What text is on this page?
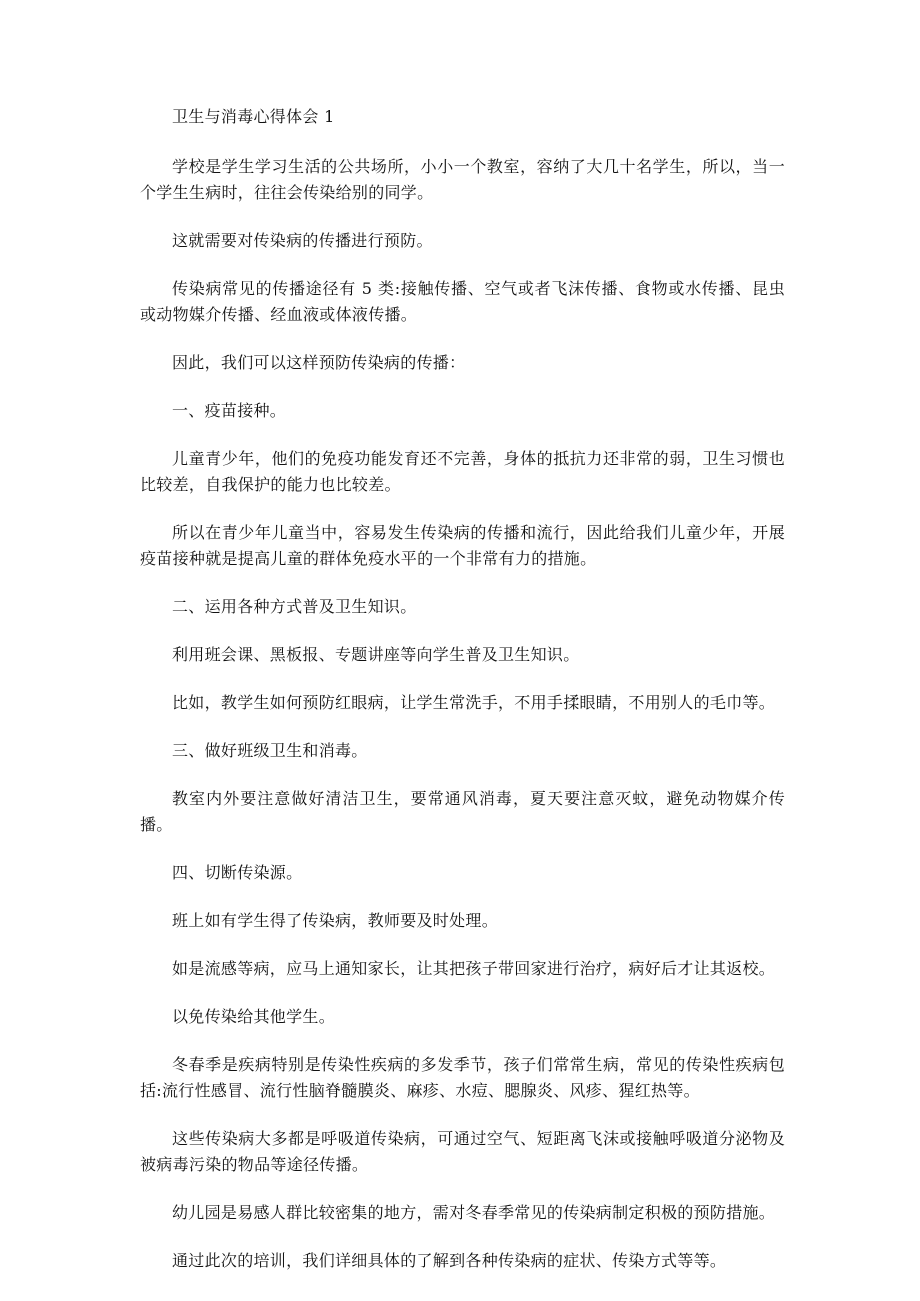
卫生与消毒心得体会 1

学校是学生学习生活的公共场所，小小一个教室，容纳了大几十名学生，所以，当一个学生生病时，往往会传染给别的同学。

这就需要对传染病的传播进行预防。

传染病常见的传播途径有 5 类:接触传播、空气或者飞沫传播、食物或水传播、昆虫或动物媒介传播、经血液或体液传播。

因此，我们可以这样预防传染病的传播：

一、疫苗接种。

儿童青少年，他们的免疫功能发育还不完善，身体的抵抗力还非常的弱，卫生习惯也比较差，自我保护的能力也比较差。

所以在青少年儿童当中，容易发生传染病的传播和流行，因此给我们儿童少年，开展疫苗接种就是提高儿童的群体免疫水平的一个非常有力的措施。

二、运用各种方式普及卫生知识。

利用班会课、黑板报、专题讲座等向学生普及卫生知识。

比如，教学生如何预防红眼病，让学生常洗手，不用手揉眼睛，不用别人的毛巾等。

三、做好班级卫生和消毒。

教室内外要注意做好清洁卫生，要常通风消毒，夏天要注意灭蚊，避免动物媒介传播。

四、切断传染源。

班上如有学生得了传染病，教师要及时处理。

如是流感等病，应马上通知家长，让其把孩子带回家进行治疗，病好后才让其返校。

以免传染给其他学生。

冬春季是疾病特别是传染性疾病的多发季节，孩子们常常生病，常见的传染性疾病包括:流行性感冒、流行性脑脊髓膜炎、麻疹、水痘、腮腺炎、风疹、猩红热等。

这些传染病大多都是呼吸道传染病，可通过空气、短距离飞沫或接触呼吸道分泌物及被病毒污染的物品等途径传播。

幼儿园是易感人群比较密集的地方，需对冬春季常见的传染病制定积极的预防措施。

通过此次的培训，我们详细具体的了解到各种传染病的症状、传染方式等等。
